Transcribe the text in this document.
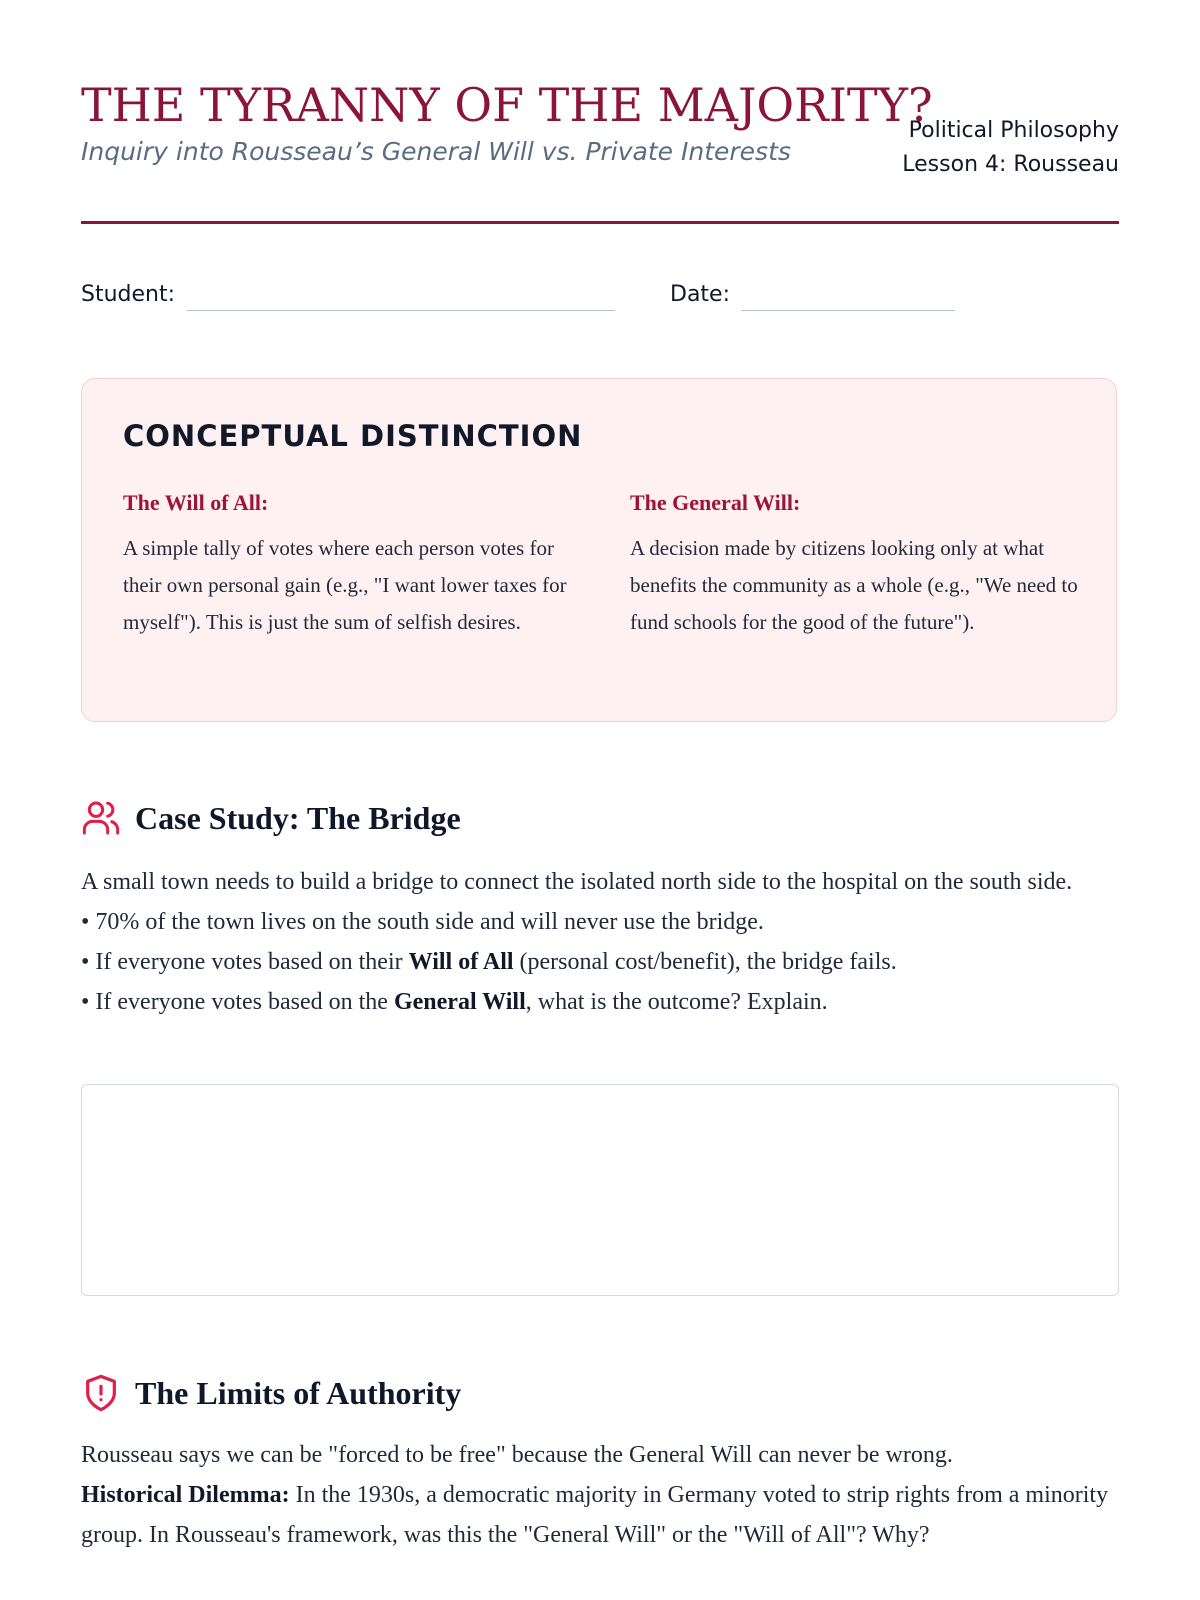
THE TYRANNY OF THE MAJORITY?
Inquiry into Rousseau’s General Will vs. Private Interests
Political Philosophy
Lesson 4: Rousseau
Student:	Date:
CONCEPTUAL DISTINCTION
The Will of All:
A simple tally of votes where each person votes for their own personal gain (e.g., "I want lower taxes for myself"). This is just the sum of selfish desires.
The General Will:
A decision made by citizens looking only at what benefits the community as a whole (e.g., "We need to fund schools for the good of the future").
Case Study: The Bridge

A small town needs to build a bridge to connect the isolated north side to the hospital on the south side.

• 70% of the town lives on the south side and will never use the bridge.

• If everyone votes based on their Will of All (personal cost/benefit), the bridge fails.

• If everyone votes based on the General Will, what is the outcome? Explain.

The Limits of Authority

Rousseau says we can be "forced to be free" because the General Will can never be wrong.

Historical Dilemma: In the 1930s, a democratic majority in Germany voted to strip rights from a minority group. In Rousseau's framework, was this the "General Will" or the "Will of All"? Why?
